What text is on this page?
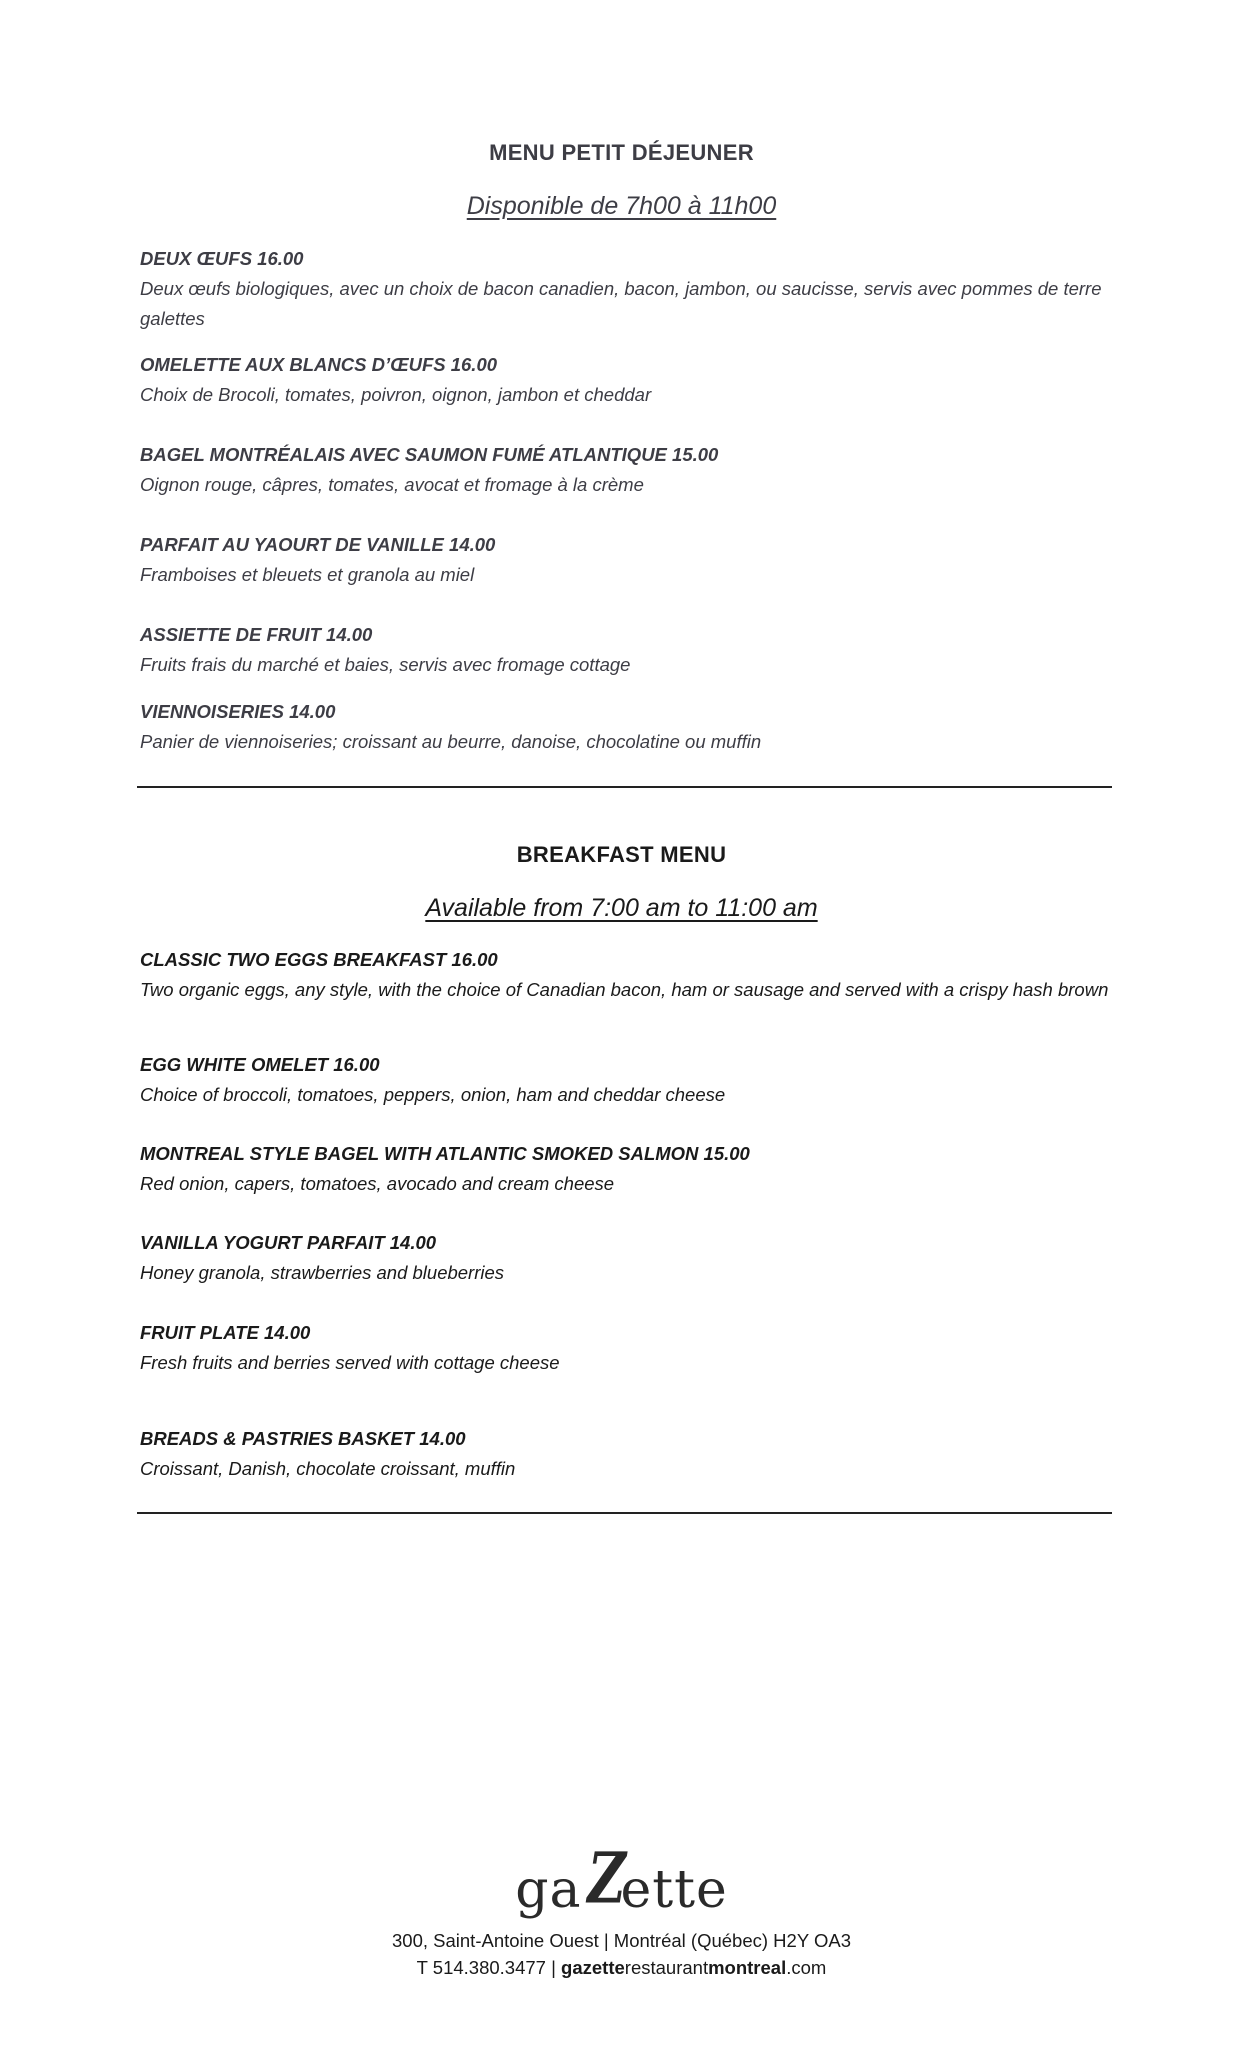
MENU PETIT DÉJEUNER
Disponible de 7h00 à 11h00
DEUX ŒUFS 16.00
Deux œufs biologiques, avec un choix de bacon canadien, bacon, jambon, ou saucisse, servis avec pommes de terre galettes
OMELETTE AUX BLANCS D’ŒUFS 16.00
Choix de Brocoli, tomates, poivron, oignon, jambon et cheddar
BAGEL MONTRÉALAIS AVEC SAUMON FUMÉ ATLANTIQUE 15.00
Oignon rouge, câpres, tomates, avocat et fromage à la crème
PARFAIT AU YAOURT DE VANILLE 14.00
Framboises et bleuets et granola au miel
ASSIETTE DE FRUIT 14.00
Fruits frais du marché et baies, servis avec fromage cottage
VIENNOISERIES 14.00
Panier de viennoiseries; croissant au beurre, danoise, chocolatine ou muffin
BREAKFAST MENU
Available from 7:00 am to 11:00 am
CLASSIC TWO EGGS BREAKFAST 16.00
Two organic eggs, any style, with the choice of Canadian bacon, ham or sausage and served with a crispy hash brown
EGG WHITE OMELET 16.00
Choice of broccoli, tomatoes, peppers, onion, ham and cheddar cheese
MONTREAL STYLE BAGEL WITH ATLANTIC SMOKED SALMON 15.00
Red onion, capers, tomatoes, avocado and cream cheese
VANILLA YOGURT PARFAIT 14.00
Honey granola, strawberries and blueberries
FRUIT PLATE 14.00
Fresh fruits and berries served with cottage cheese
BREADS & PASTRIES BASKET 14.00
Croissant, Danish, chocolate croissant, muffin
gaZette
300, Saint-Antoine Ouest | Montréal (Québec) H2Y OA3
T 514.380.3477 | gazetterestaurantmontreal.com
